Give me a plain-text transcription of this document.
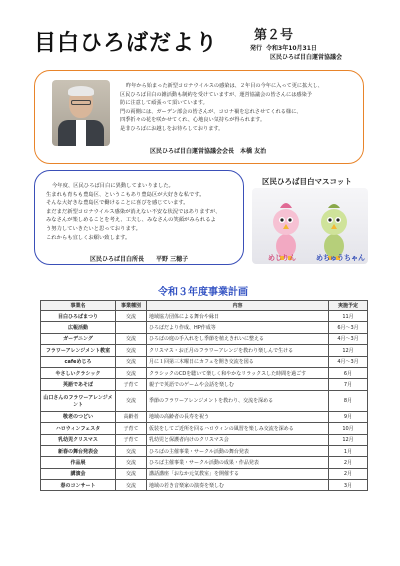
目白ひろばだより	第２号
発行 令和3年10月31日
区民ひろば目白運営協議会
昨年から始まった新型コロナウイルスの感染は、２年目の今年に入って更に拡大し、
区民ひろば目白の雑活動も制約を受けていますが、運営協議会の皆さんには感染予
防に注意して頑張って頂いています。
門の両側には、ガーデン部会の皆さんが、コロナ禍を忘れさせてくれる様に、
四季折々の花を咲かせてくれ、心地良い気持ちが得られます。
是非ひろばにお越しをお待ちしております。
区民ひろば目白運営協議会会長　本橋 友治
今年度、区民ひろば目白に異動してまいりました。
生まれも育ちも豊島区、というこもあり豊島区が大好きな私です。
そんな大好きな豊島区で働けることに喜びを感じています。
まだまだ新型コロナウイルス感染が消えない不安な状況ではありますが、
みなさんが楽しめることを考え、工夫し、みなさんの笑顔がみられるよ
う努力していきたいと思っております。
これからも宜しくお願い致します。
区民ひろば目白所長　　平野 三穂子
区民ひろば目白マスコット
めじりん	めちゅうちゃん
令和３年度事業計画
事業名	事業種別	内容	実施予定
目白ひろばまつり	交流	地域協力団体による舞台や縁日	11月
広報活動		ひろばだより作成、HP作成等	6月～3月
ガーデニング	交流	ひろばの庭の手入れをし季節を植えきれいに整える	4月～3月
フラワーアレンジメント教室	交流	クリスマス・お正月のフラワーアレンジを教わり楽しんで生ける	12月
cafeめじろ	交流	月に１回第三木曜日にカフェを開き交流を図る	4月～3月
やさしいクラシック	交流	クラシックのCDを聴いて楽しく和やかなリラックスした時間を過ごす	6月
英語であそぼ	子育て	親子で英語でのゲームや会話を楽しむ	7月
山口さんのフラワーアレンジメント	交流	季節のフラワーアレンジメントを教わり、交流を深める	8月
敬老のつどい	高齢者	地域の高齢者の長寿を祝う	9月
ハロウィンフェスタ	子育て	仮装をしてご近所を回るハロウィンの風習を楽しみ交流を深める	10月
乳幼児クリスマス	子育て	乳幼児と保護者向けのクリスマス会	12月
新春の舞台発表会	交流	ひろばの主催事業・サークル活動の舞台発表	1月
作品展	交流	ひろば主催事業・サークル活動の成果・作品発表	2月
講演会	交流	講話講座「おなか元気教室」を開催する	2月
春のコンサート	交流	地域の若き音楽家の演奏を楽しむ	3月
